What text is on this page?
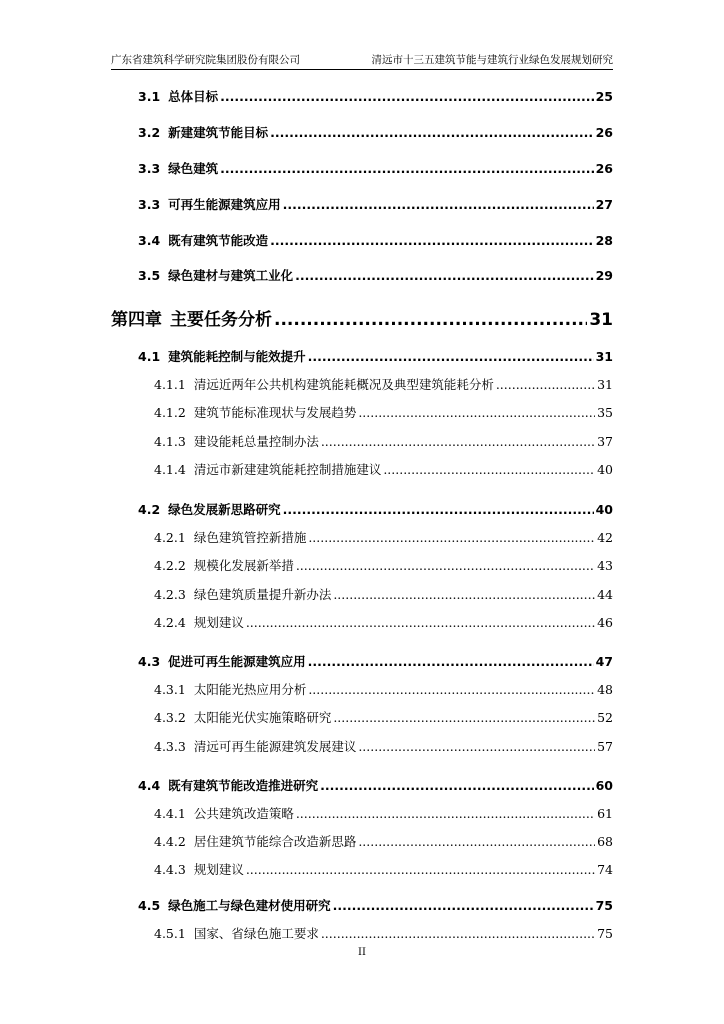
广东省建筑科学研究院集团股份有限公司	清远市十三五建筑节能与建筑行业绿色发展规划研究
3.1 总体目标 .....	25
3.2 新建建筑节能目标 .....	26
3.3 绿色建筑 .....	26
3.3 可再生能源建筑应用 .....	27
3.4 既有建筑节能改造 .....	28
3.5 绿色建材与建筑工业化 .....	29
第四章 主要任务分析 .....	31
4.1 建筑能耗控制与能效提升 .....	31
4.1.1 清远近两年公共机构建筑能耗概况及典型建筑能耗分析 .....	31
4.1.2 建筑节能标准现状与发展趋势 .....	35
4.1.3 建设能耗总量控制办法 .....	37
4.1.4 清远市新建建筑能耗控制措施建议 .....	40
4.2 绿色发展新思路研究 .....	40
4.2.1 绿色建筑管控新措施 .....	42
4.2.2 规模化发展新举措 .....	43
4.2.3 绿色建筑质量提升新办法 .....	44
4.2.4 规划建议 .....	46
4.3 促进可再生能源建筑应用 .....	47
4.3.1 太阳能光热应用分析 .....	48
4.3.2 太阳能光伏实施策略研究 .....	52
4.3.3 清远可再生能源建筑发展建议 .....	57
4.4 既有建筑节能改造推进研究 .....	60
4.4.1 公共建筑改造策略 .....	61
4.4.2 居住建筑节能综合改造新思路 .....	68
4.4.3 规划建议 .....	74
4.5 绿色施工与绿色建材使用研究 .....	75
4.5.1 国家、省绿色施工要求 .....	75
II
